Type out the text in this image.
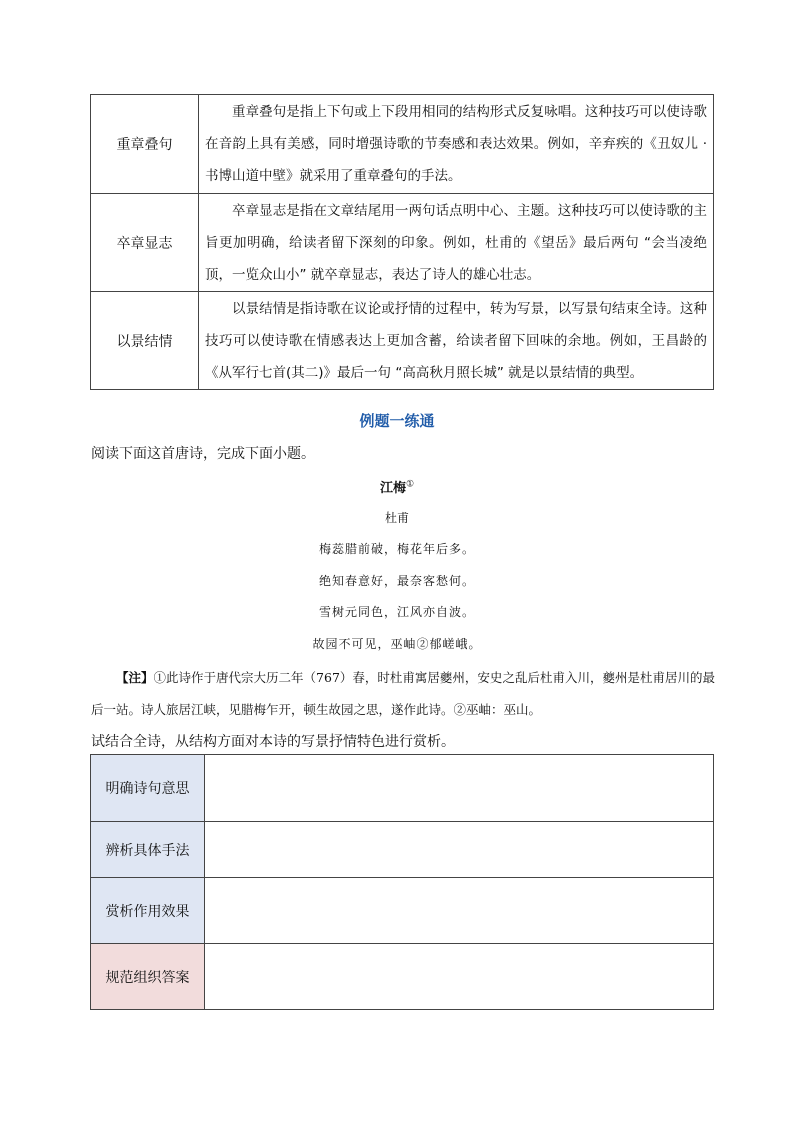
重章叠句	重章叠句是指上下句或上下段用相同的结构形式反复咏唱。这种技巧可以使诗歌在音韵上具有美感，同时增强诗歌的节奏感和表达效果。例如，辛弃疾的《丑奴儿 · 书博山道中壁》就采用了重章叠句的手法。
卒章显志	卒章显志是指在文章结尾用一两句话点明中心、主题。这种技巧可以使诗歌的主旨更加明确，给读者留下深刻的印象。例如，杜甫的《望岳》最后两句 “会当凌绝顶，一览众山小” 就卒章显志，表达了诗人的雄心壮志。
以景结情	以景结情是指诗歌在议论或抒情的过程中，转为写景，以写景句结束全诗。这种技巧可以使诗歌在情感表达上更加含蓄，给读者留下回味的余地。例如，王昌龄的《从军行七首(其二)》最后一句 “高高秋月照长城” 就是以景结情的典型。
例题一练通
阅读下面这首唐诗，完成下面小题。
江梅①
杜甫
梅蕊腊前破，梅花年后多。
绝知春意好，最奈客愁何。
雪树元同色，江风亦自波。
故园不可见，巫岫②郁嵯峨。
【注】①此诗作于唐代宗大历二年（767）春，时杜甫寓居夔州，安史之乱后杜甫入川，夔州是杜甫居川的最后一站。诗人旅居江峡，见腊梅乍开，顿生故园之思，遂作此诗。②巫岫：巫山。
试结合全诗，从结构方面对本诗的写景抒情特色进行赏析。
明确诗句意思	
辨析具体手法	
赏析作用效果	
规范组织答案	
